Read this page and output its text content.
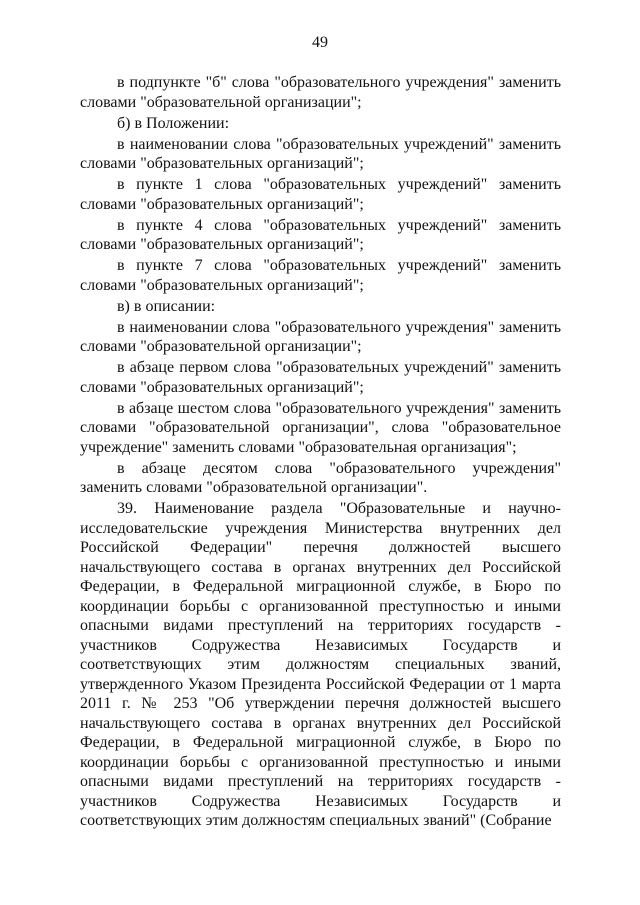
49

в подпункте "б" слова "образовательного учреждения" заменить словами "образовательной организации";

б) в Положении:

в наименовании слова "образовательных учреждений" заменить словами "образовательных организаций";

в пункте 1 слова "образовательных учреждений" заменить словами "образовательных организаций";

в пункте 4 слова "образовательных учреждений" заменить словами "образовательных организаций";

в пункте 7 слова "образовательных учреждений" заменить словами "образовательных организаций";

в) в описании:

в наименовании слова "образовательного учреждения" заменить словами "образовательной организации";

в абзаце первом слова "образовательных учреждений" заменить словами "образовательных организаций";

в абзаце шестом слова "образовательного учреждения" заменить словами "образовательной организации", слова "образовательное учреждение" заменить словами "образовательная организация";

в абзаце десятом слова "образовательного учреждения" заменить словами "образовательной организации".

39. Наименование раздела "Образовательные и научно-исследовательские учреждения Министерства внутренних дел Российской Федерации" перечня должностей высшего начальствующего состава в органах внутренних дел Российской Федерации, в Федеральной миграционной службе, в Бюро по координации борьбы с организованной преступностью и иными опасными видами преступлений на территориях государств - участников Содружества Независимых Государств и соответствующих этим должностям специальных званий, утвержденного Указом Президента Российской Федерации от 1 марта 2011 г. № 253 "Об утверждении перечня должностей высшего начальствующего состава в органах внутренних дел Российской Федерации, в Федеральной миграционной службе, в Бюро по координации борьбы с организованной преступностью и иными опасными видами преступлений на территориях государств - участников Содружества Независимых Государств и соответствующих этим должностям специальных званий" (Собрание
